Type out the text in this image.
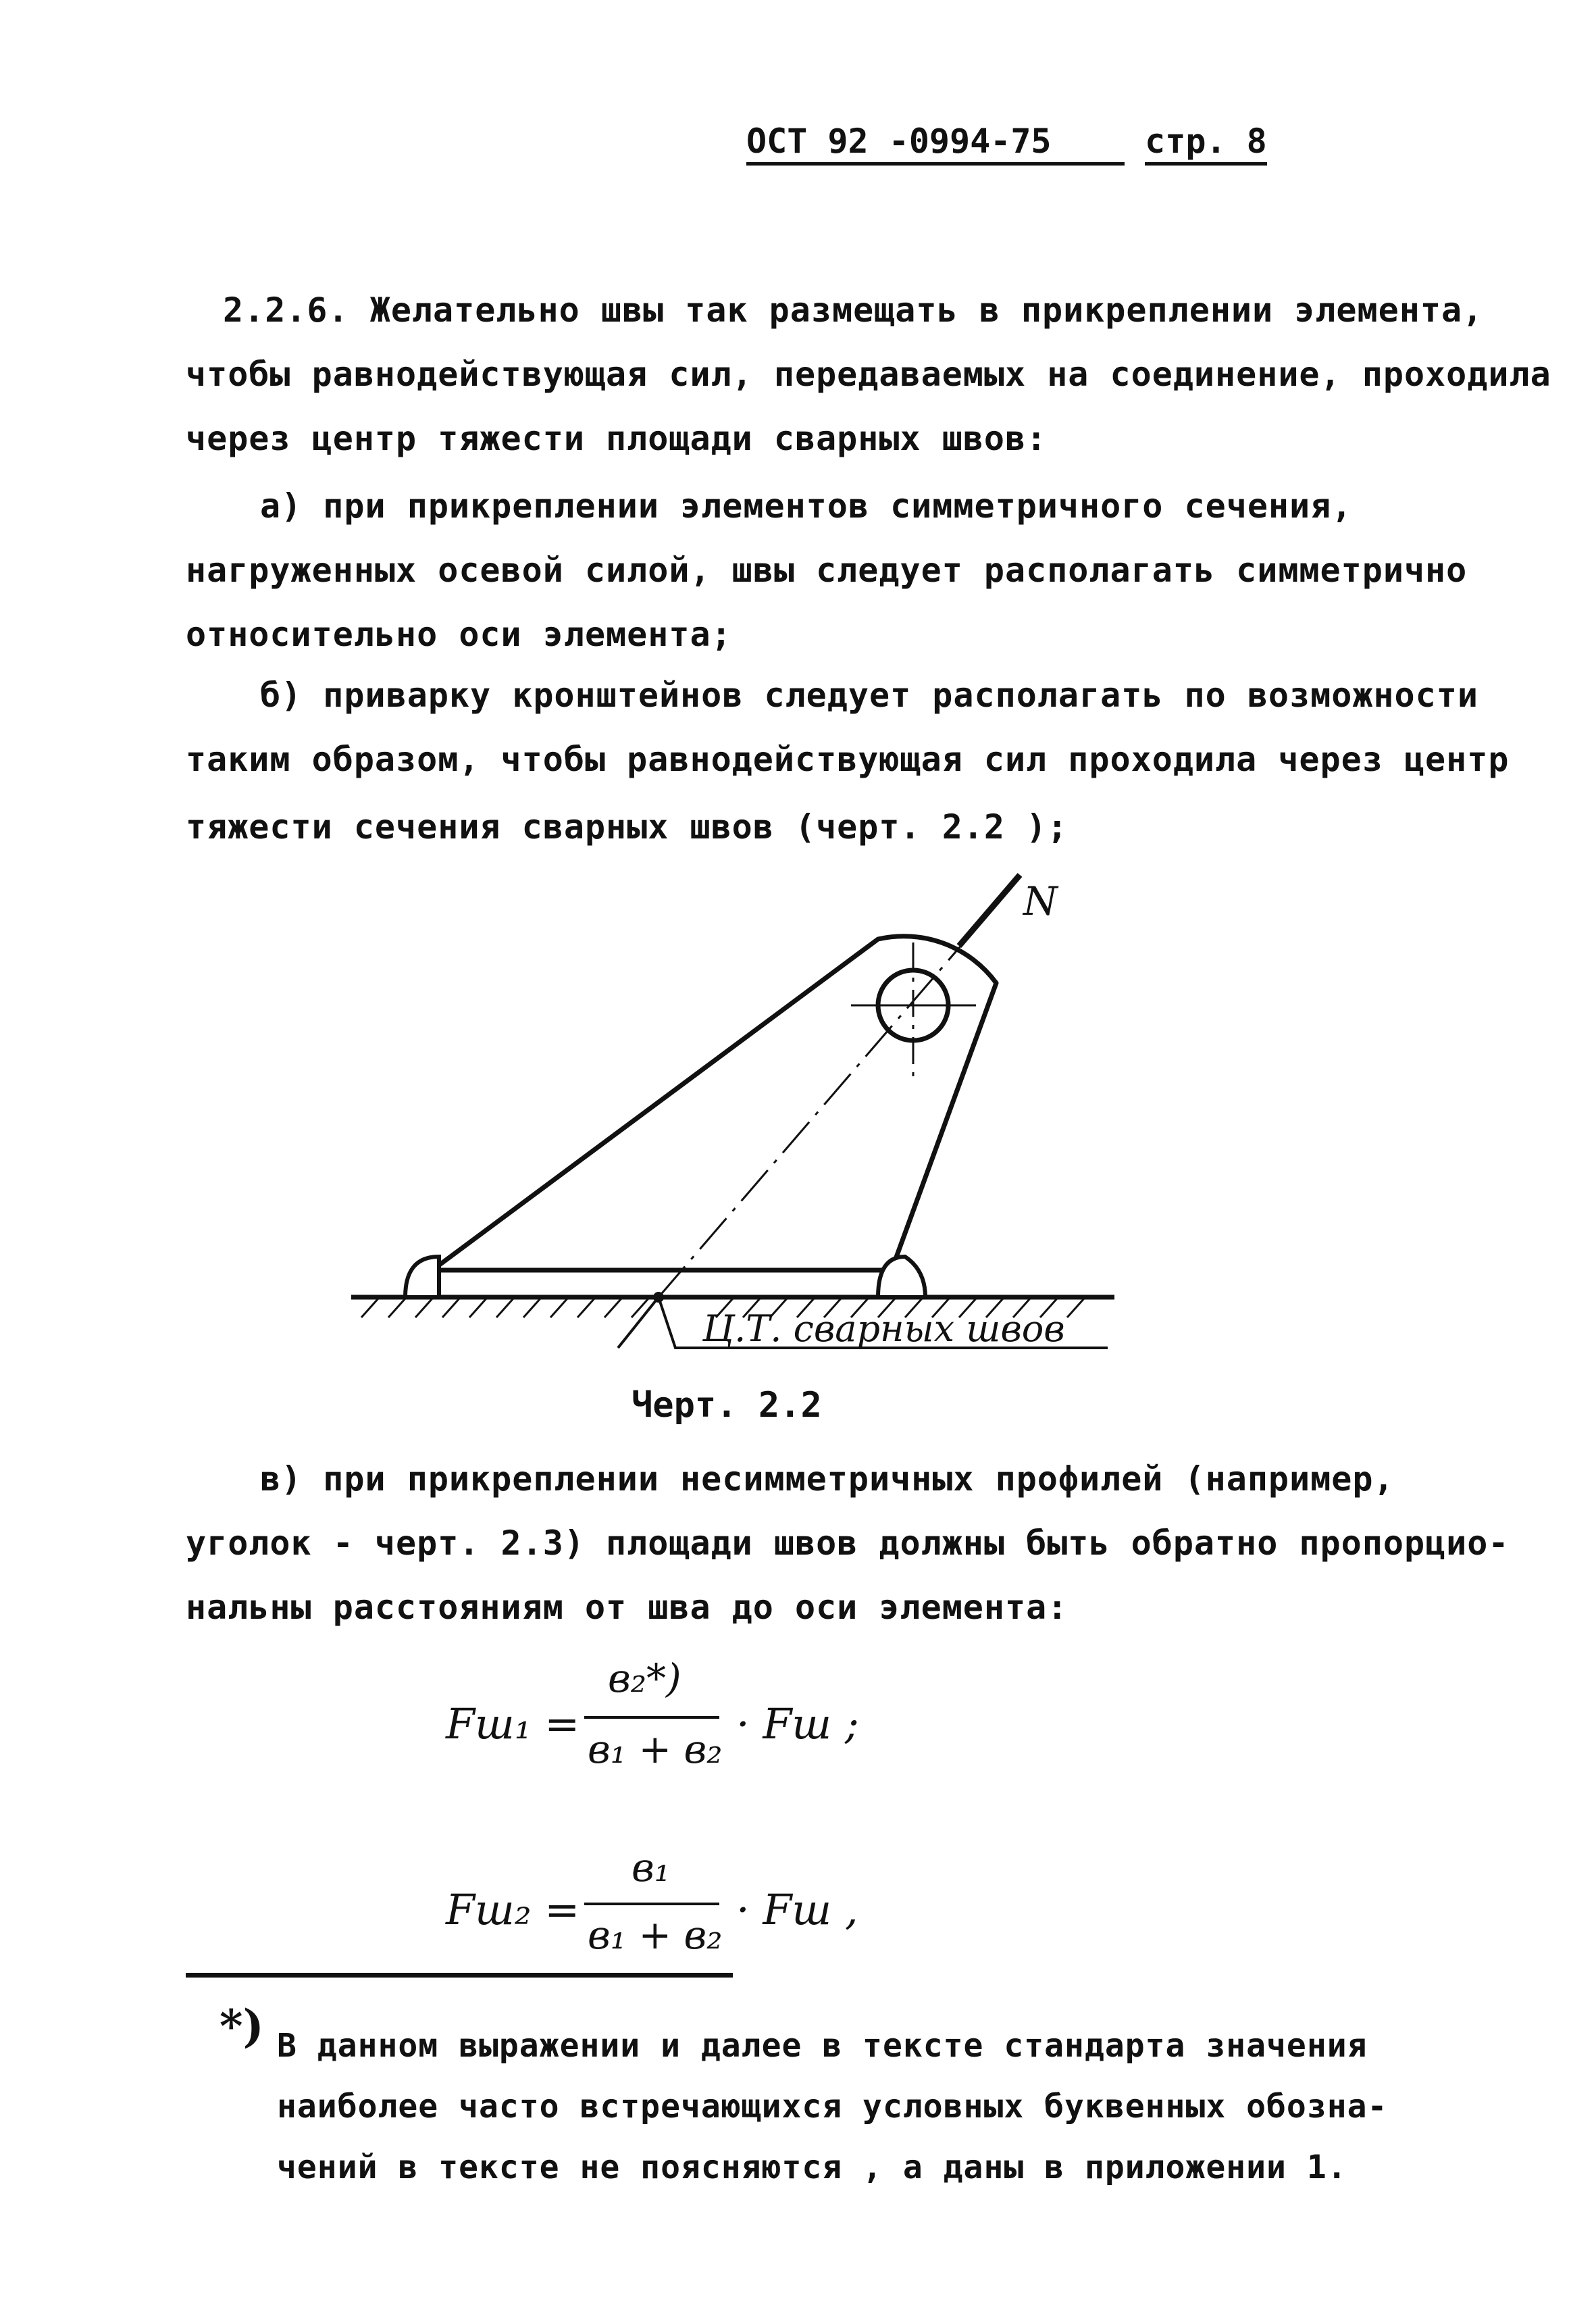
ОСТ 92 -0994-75	стр. 8
2.2.6. Желательно швы так размещать в прикреплении элемента,
чтобы равнодействующая сил, передаваемых на соединение, проходила
через центр тяжести площади сварных швов:
а) при прикреплении элементов симметричного сечения,
нагруженных осевой силой, швы следует располагать симметрично
относительно оси элемента;
б) приварку кронштейнов следует располагать по возможности
таким образом, чтобы равнодействующая сил проходила через центр
тяжести сечения сварных швов (черт. 2.2 );
N
Ц.Т. сварных швов
Черт. 2.2
в) при прикреплении несимметричных профилей (например,
уголок - черт. 2.3) площади швов должны быть обратно пропорцио-
нальны расстояниям от шва до оси элемента:
Fш₁ =
в₂*)
в₁ + в₂
· Fш ;
Fш₂ =
в₁
в₁ + в₂
· Fш ,
*) В данном выражении и далее в тексте стандарта значения
наиболее часто встречающихся условных буквенных обозна-
чений в тексте не поясняются , а даны в приложении 1.
